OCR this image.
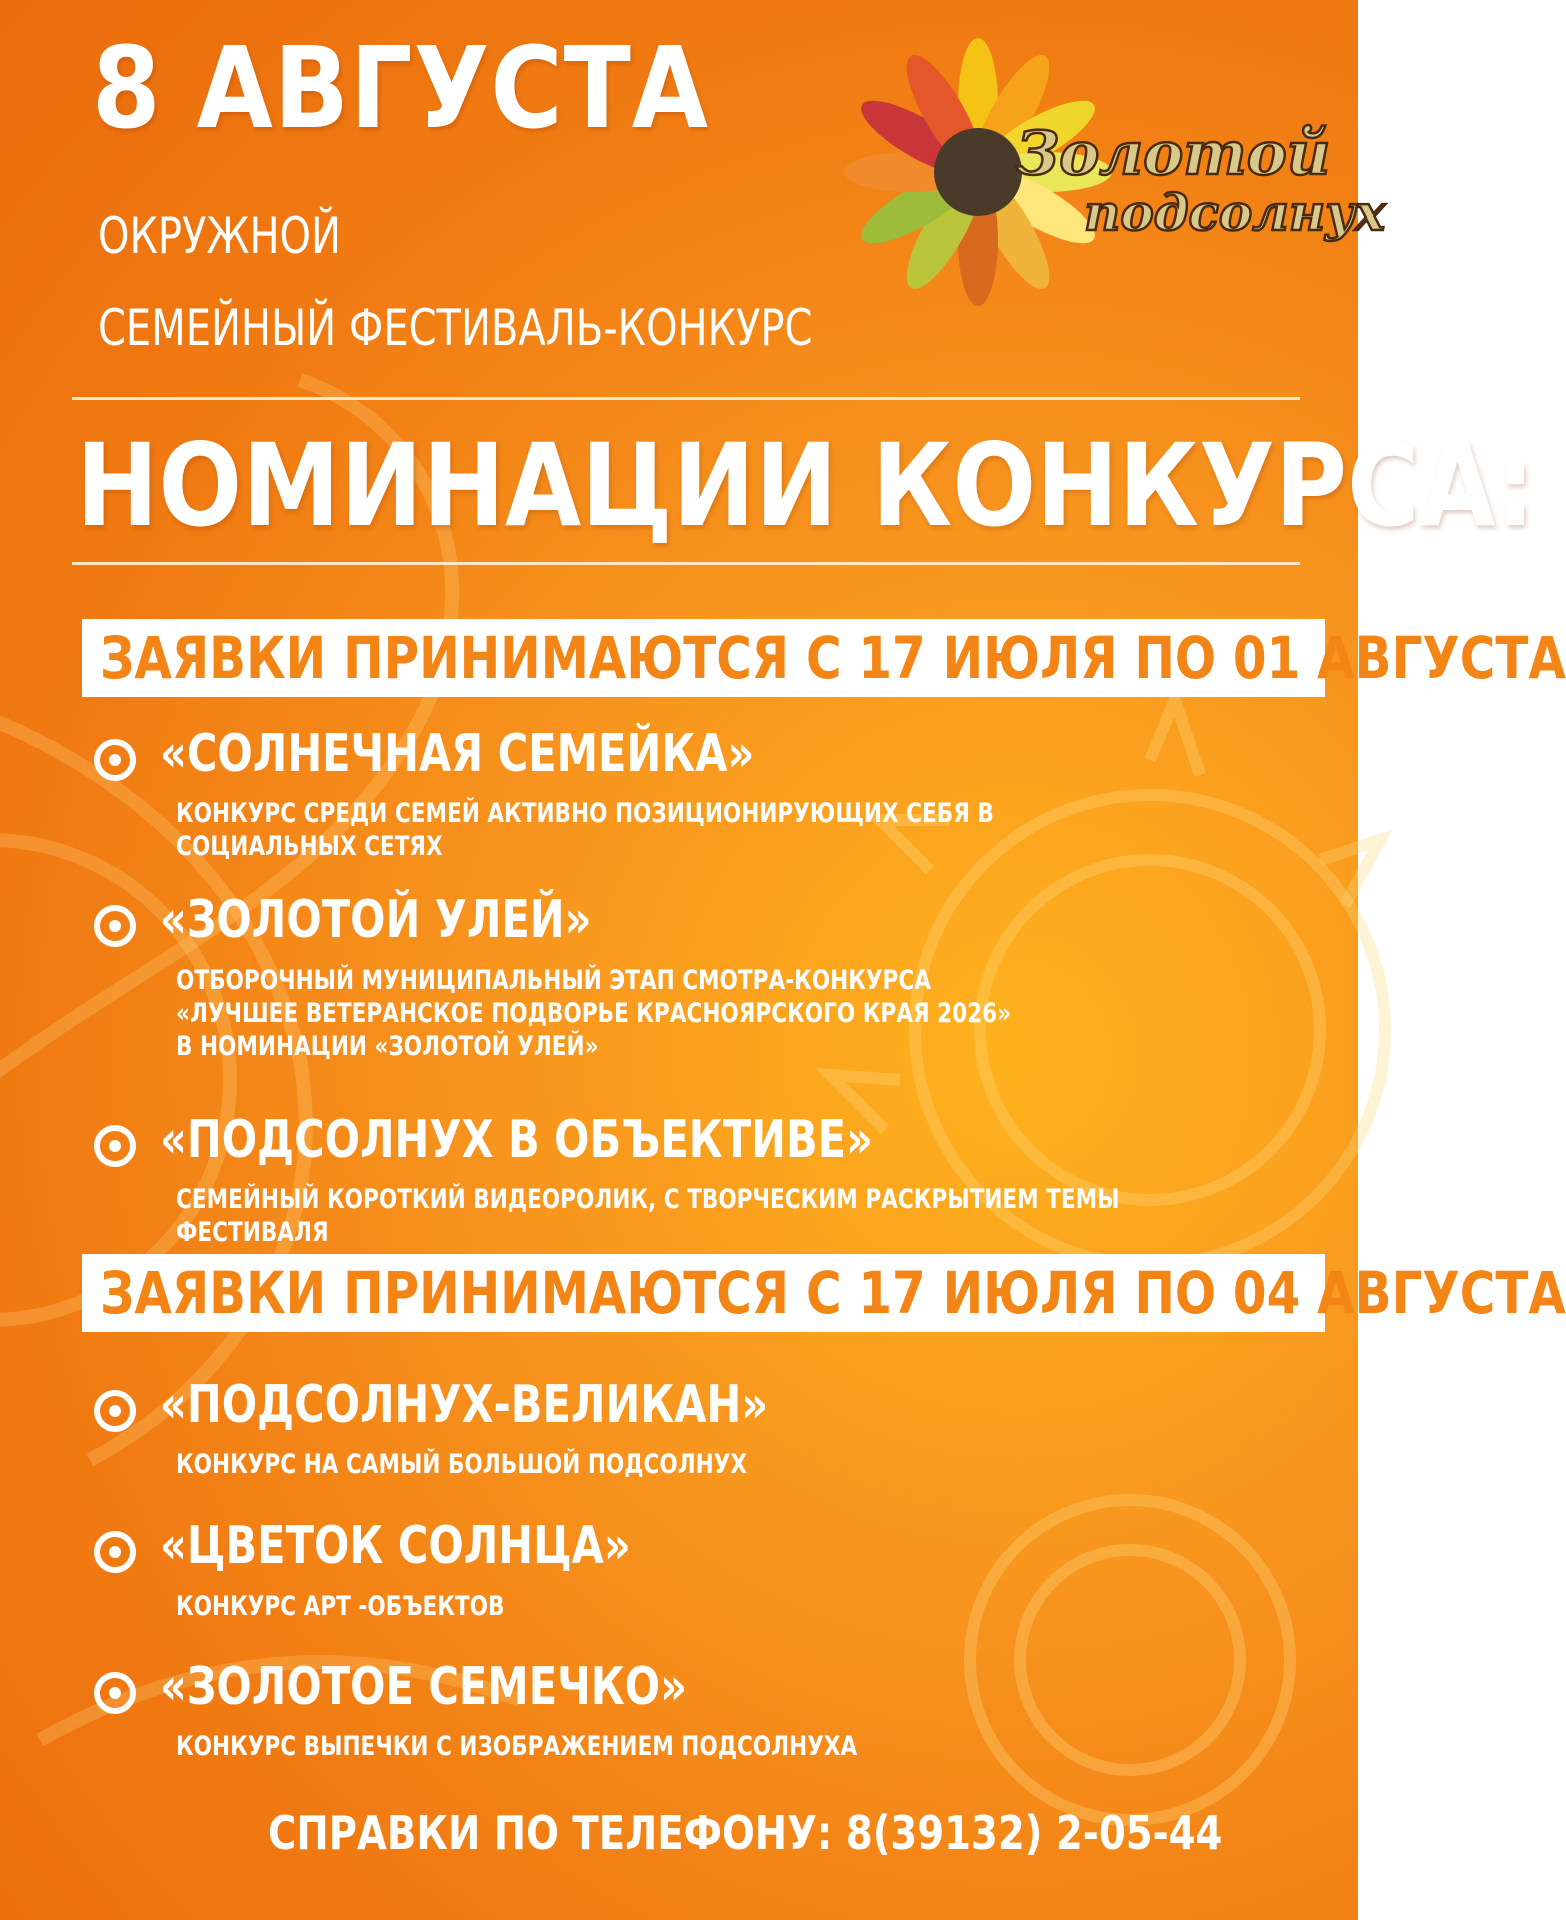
8 АВГУСТА

ОКРУЖНОЙ

СЕМЕЙНЫЙ ФЕСТИВАЛЬ-КОНКУРС

Золотой
подсолнух
НОМИНАЦИИ КОНКУРСА:
ЗАЯВКИ ПРИНИМАЮТСЯ С 17 ИЮЛЯ ПО 01 АВГУСТА
«СОЛНЕЧНАЯ СЕМЕЙКА»
КОНКУРС СРЕДИ СЕМЕЙ АКТИВНО ПОЗИЦИОНИРУЮЩИХ СЕБЯ В СОЦИАЛЬНЫХ СЕТЯХ
«ЗОЛОТОЙ УЛЕЙ»
ОТБОРОЧНЫЙ МУНИЦИПАЛЬНЫЙ ЭТАП СМОТРА-КОНКУРСА
«ЛУЧШЕЕ ВЕТЕРАНСКОЕ ПОДВОРЬЕ КРАСНОЯРСКОГО КРАЯ 2026»
В НОМИНАЦИИ «ЗОЛОТОЙ УЛЕЙ»
«ПОДСОЛНУХ В ОБЪЕКТИВЕ»
СЕМЕЙНЫЙ КОРОТКИЙ ВИДЕОРОЛИК, С ТВОРЧЕСКИМ РАСКРЫТИЕМ ТЕМЫ ФЕСТИВАЛЯ
ЗАЯВКИ ПРИНИМАЮТСЯ С 17 ИЮЛЯ ПО 04 АВГУСТА
«ПОДСОЛНУХ-ВЕЛИКАН»
КОНКУРС НА САМЫЙ БОЛЬШОЙ ПОДСОЛНУХ
«ЦВЕТОК СОЛНЦА»
КОНКУРС АРТ -ОБЪЕКТОВ
«ЗОЛОТОЕ СЕМЕЧКО»
КОНКУРС ВЫПЕЧКИ С ИЗОБРАЖЕНИЕМ ПОДСОЛНУХА
СПРАВКИ ПО ТЕЛЕФОНУ: 8(39132) 2-05-44
